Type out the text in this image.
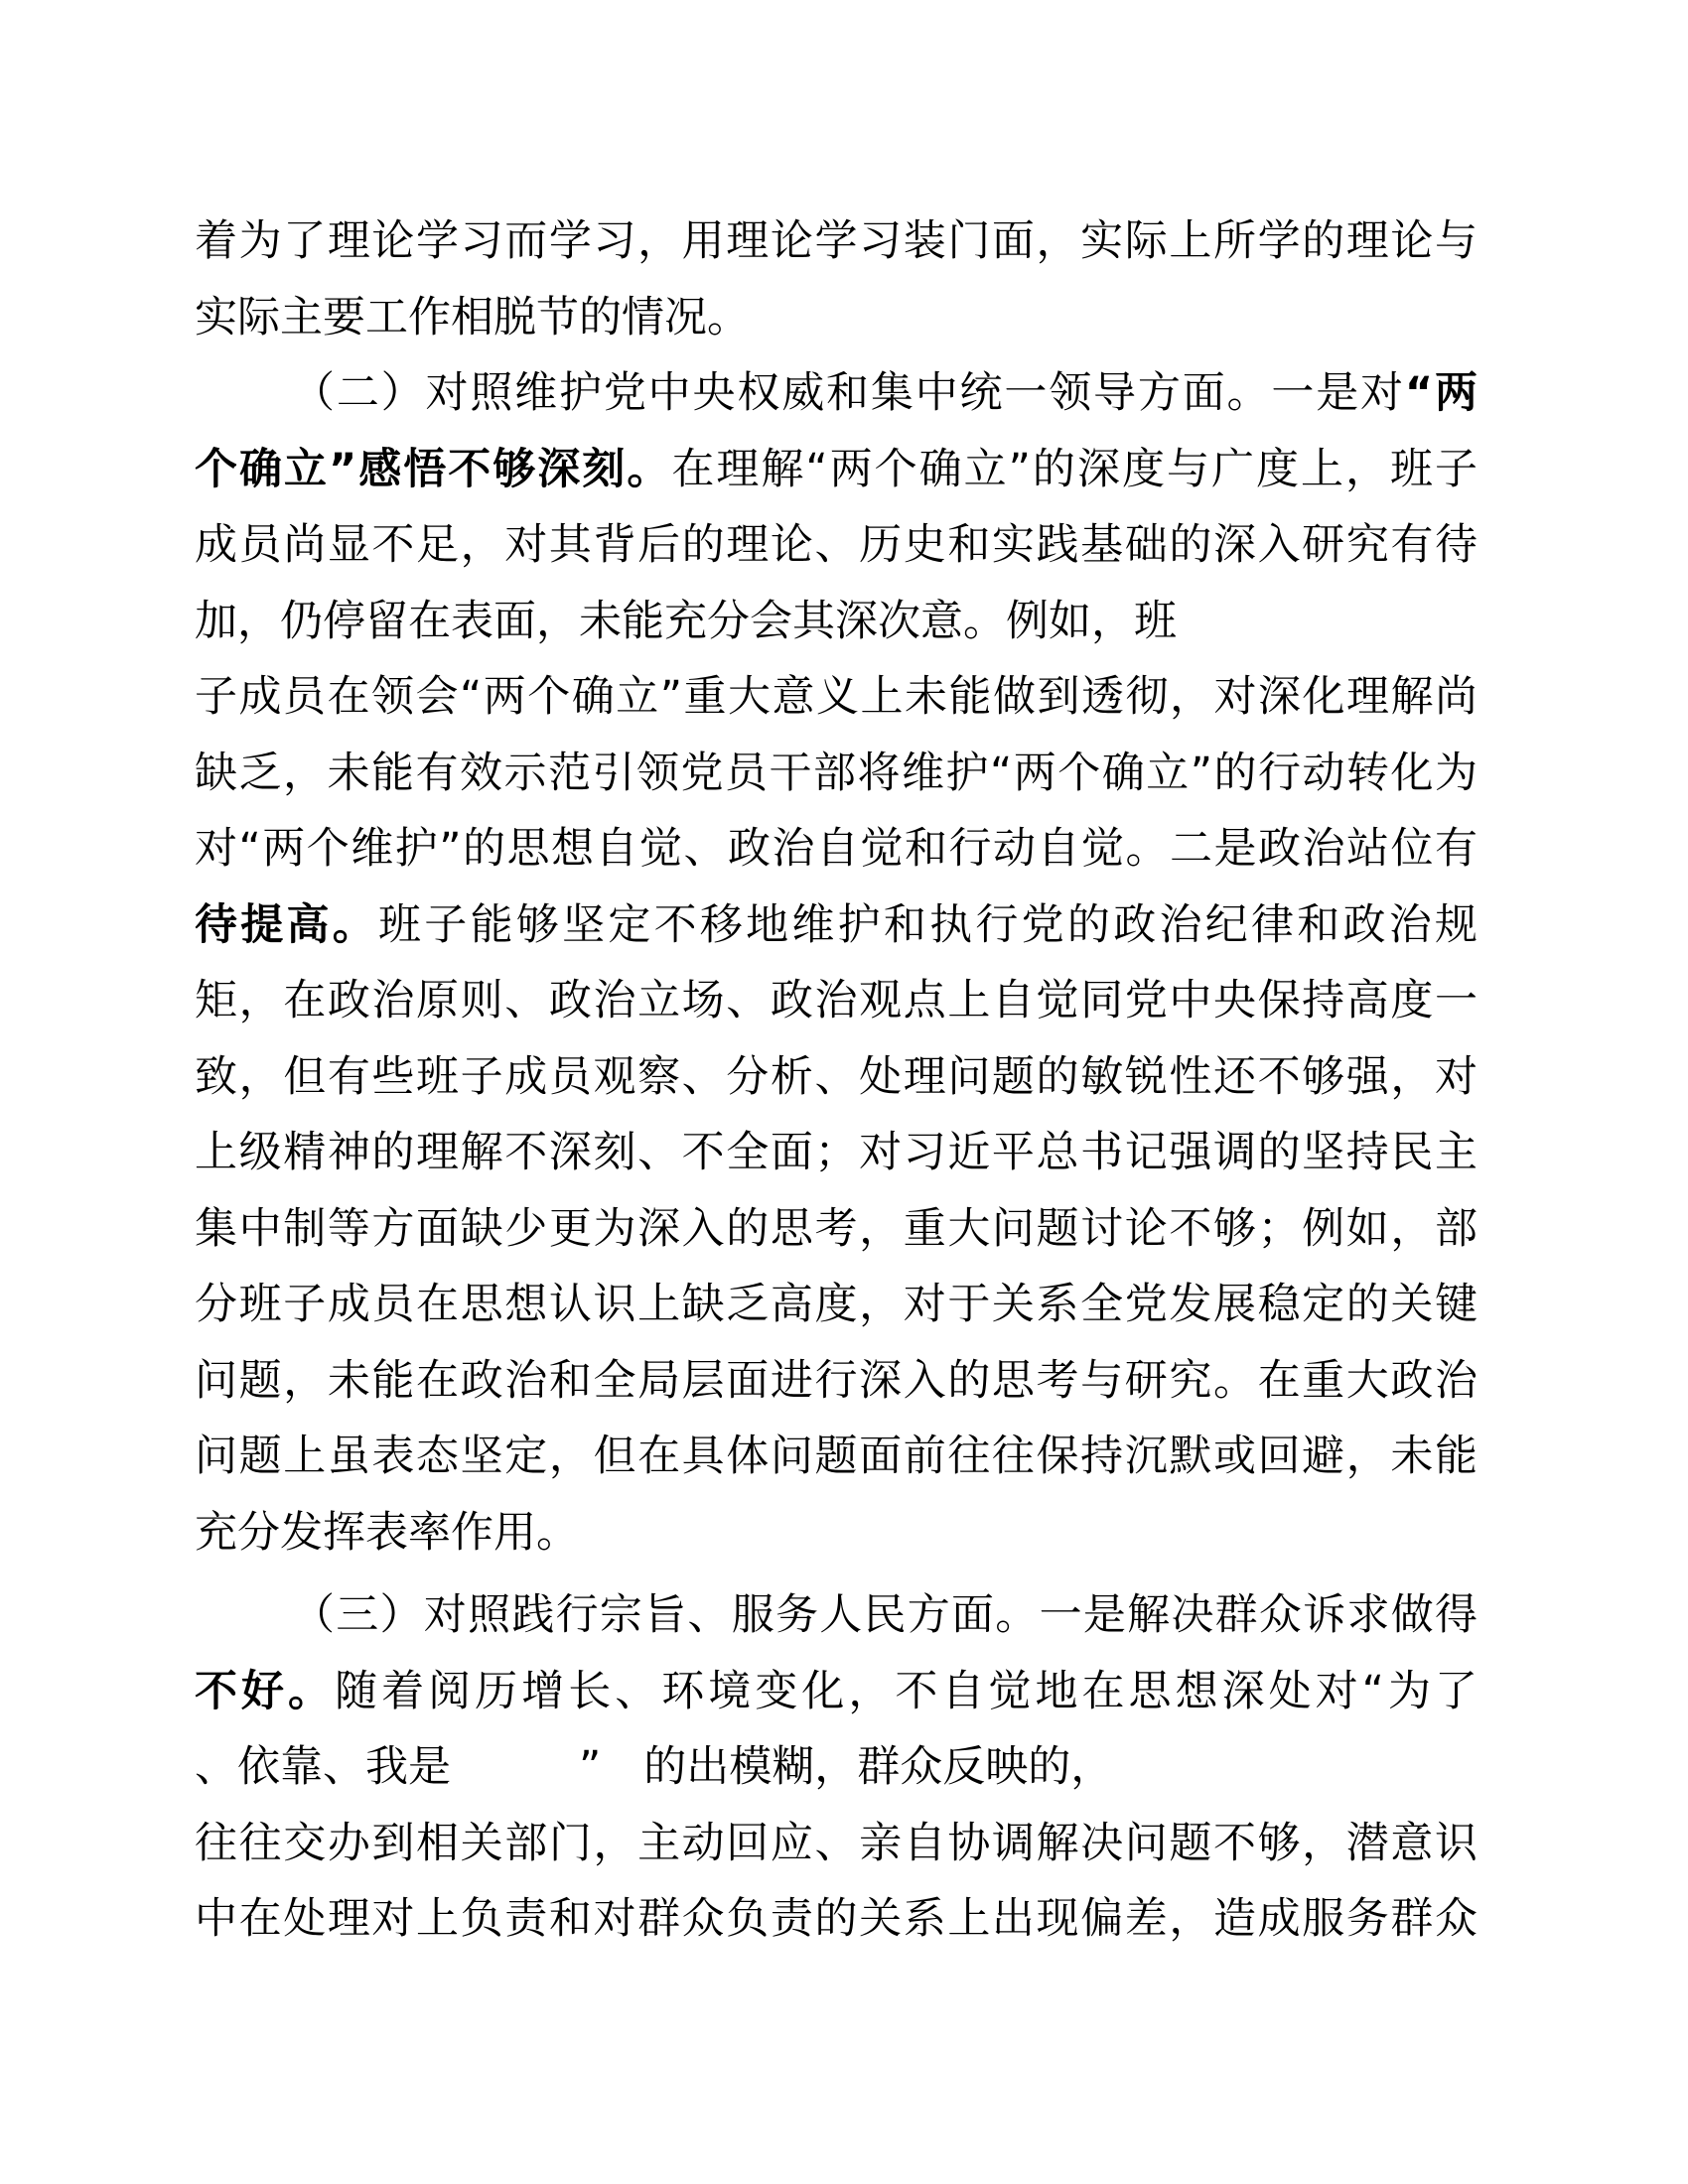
着为了理论学习而学习，用理论学习装门面，实际上所学的理论与
实际主要工作相脱节的情况。
（二）对照维护党中央权威和集中统一领导方面。一是对“两
个确立”感悟不够深刻。在理解“两个确立”的深度与广度上，班子
成员尚显不足，对其背后的理论、历史和实践基础的深入研究有待
加，仍停留在表面，未能充分会其深次意。例如，班
子成员在领会“两个确立”重大意义上未能做到透彻，对深化理解尚
缺乏，未能有效示范引领党员干部将维护“两个确立”的行动转化为
对“两个维护”的思想自觉、政治自觉和行动自觉。二是政治站位有
待提高。班子能够坚定不移地维护和执行党的政治纪律和政治规
矩，在政治原则、政治立场、政治观点上自觉同党中央保持高度一
致，但有些班子成员观察、分析、处理问题的敏锐性还不够强，对
上级精神的理解不深刻、不全面；对习近平总书记强调的坚持民主
集中制等方面缺少更为深入的思考，重大问题讨论不够；例如，部
分班子成员在思想认识上缺乏高度，对于关系全党发展稳定的关键
问题，未能在政治和全局层面进行深入的思考与研究。在重大政治
问题上虽表态坚定，但在具体问题面前往往保持沉默或回避，未能
充分发挥表率作用。
（三）对照践行宗旨、服务人民方面。一是解决群众诉求做得
不好。随着阅历增长、环境变化，不自觉地在思想深处对“为了
、依靠、我是　　　”　的出模糊，群众反映的，
往往交办到相关部门，主动回应、亲自协调解决问题不够，潜意识
中在处理对上负责和对群众负责的关系上出现偏差，造成服务群众
